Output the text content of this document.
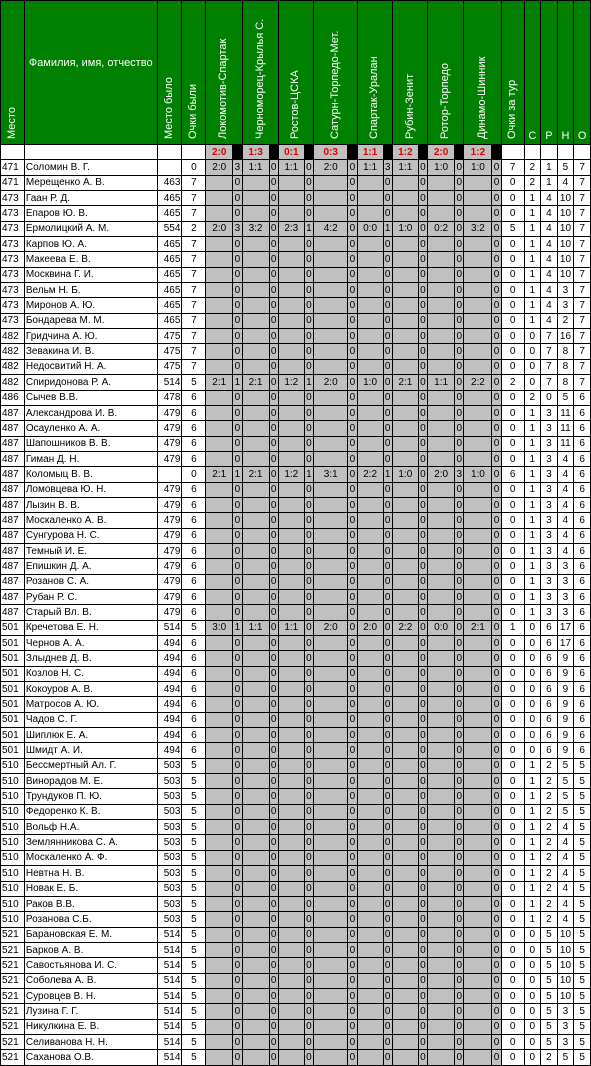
Место	Фамилия, имя, отчество	Место было	Очки были	Локомотив-Спартак		Черноморец-Крылья С.		Ростов-ЦСКА		Сатурн-Торпедо-Мет.		Спартак-Уралан		Рубин-Зенит		Ротор-Торпедо		Динамо-Шинник		Очки за тур	С	Р	Н	О

				2:0		1:3		0:1		0:3		1:1		1:2		2:0		1:2						
471	Соломин В. Г.		0	2:0	3	1:1	0	1:1	0	2:0	0	1:1	3	1:1	0	1:0	0	1:0	0	7	2	1	5	7
471	Мерещенко А. В.	463	7		0		0		0		0		0		0		0		0	0	2	1	4	7
473	Гаан Р. Д.	465	7		0		0		0		0		0		0		0		0	0	1	4	10	7
473	Епаров Ю. В.	465	7		0		0		0		0		0		0		0		0	0	1	4	10	7
473	Ермолицкий А. М.	554	2	2:0	3	3:2	0	2:3	1	4:2	0	0:0	1	1:0	0	0:2	0	3:2	0	5	1	4	10	7
473	Карпов Ю. А.	465	7		0		0		0		0		0		0		0		0	0	1	4	10	7
473	Макеева Е. В.	465	7		0		0		0		0		0		0		0		0	0	1	4	10	7
473	Москвина Г. И.	465	7		0		0		0		0		0		0		0		0	0	1	4	10	7
473	Вельм Н. Б.	465	7		0		0		0		0		0		0		0		0	0	1	4	3	7
473	Миронов А. Ю.	465	7		0		0		0		0		0		0		0		0	0	1	4	3	7
473	Бондарева М. М.	465	7		0		0		0		0		0		0		0		0	0	1	4	2	7
482	Гридчина А. Ю.	475	7		0		0		0		0		0		0		0		0	0	0	7	16	7
482	Зевакина И. В.	475	7		0		0		0		0		0		0		0		0	0	0	7	8	7
482	Недосвитий Н. А.	475	7		0		0		0		0		0		0		0		0	0	0	7	8	7
482	Спиридонова Р. А.	514	5	2:1	1	2:1	0	1:2	1	2:0	0	1:0	0	2:1	0	1:1	0	2:2	0	2	0	7	8	7
486	Сычев В.В.	478	6		0		0		0		0		0		0		0		0	0	2	0	5	6
487	Александрова И. В.	479	6		0		0		0		0		0		0		0		0	0	1	3	11	6
487	Осауленко А. А.	479	6		0		0		0		0		0		0		0		0	0	1	3	11	6
487	Шапошников В. В.	479	6		0		0		0		0		0		0		0		0	0	1	3	11	6
487	Гиман Д. Н.	479	6		0		0		0		0		0		0		0		0	0	1	3	4	6
487	Коломыц В. В.		0	2:1	1	2:1	0	1:2	1	3:1	0	2:2	1	1:0	0	2:0	3	1:0	0	6	1	3	4	6
487	Ломовцева Ю. Н.	479	6		0		0		0		0		0		0		0		0	0	1	3	4	6
487	Лызин В. В.	479	6		0		0		0		0		0		0		0		0	0	1	3	4	6
487	Москаленко А. В.	479	6		0		0		0		0		0		0		0		0	0	1	3	4	6
487	Сунгурова Н. С.	479	6		0		0		0		0		0		0		0		0	0	1	3	4	6
487	Темный И. Е.	479	6		0		0		0		0		0		0		0		0	0	1	3	4	6
487	Епишкин Д. А.	479	6		0		0		0		0		0		0		0		0	0	1	3	3	6
487	Розанов С. А.	479	6		0		0		0		0		0		0		0		0	0	1	3	3	6
487	Рубан Р. С.	479	6		0		0		0		0		0		0		0		0	0	1	3	3	6
487	Старый Вл. В.	479	6		0		0		0		0		0		0		0		0	0	1	3	3	6
501	Кречетова Е. Н.	514	5	3:0	1	1:1	0	1:1	0	2:0	0	2:0	0	2:2	0	0:0	0	2:1	0	1	0	6	17	6
501	Чернов А. А.	494	6		0		0		0		0		0		0		0		0	0	0	6	17	6
501	Злыднев Д. В.	494	6		0		0		0		0		0		0		0		0	0	0	6	9	6
501	Козлов Н. С.	494	6		0		0		0		0		0		0		0		0	0	0	6	9	6
501	Кокоуров А. В.	494	6		0		0		0		0		0		0		0		0	0	0	6	9	6
501	Матросов А. Ю.	494	6		0		0		0		0		0		0		0		0	0	0	6	9	6
501	Чадов С. Г.	494	6		0		0		0		0		0		0		0		0	0	0	6	9	6
501	Шиплюк Е. А.	494	6		0		0		0		0		0		0		0		0	0	0	6	9	6
501	Шмидт А. И.	494	6		0		0		0		0		0		0		0		0	0	0	6	9	6
510	Бессмертный Ал. Г.	503	5		0		0		0		0		0		0		0		0	0	1	2	5	5
510	Винорадов М. Е.	503	5		0		0		0		0		0		0		0		0	0	1	2	5	5
510	Трундуков П. Ю.	503	5		0		0		0		0		0		0		0		0	0	1	2	5	5
510	Федоренко К. В.	503	5		0		0		0		0		0		0		0		0	0	1	2	5	5
510	Вольф Н.А.	503	5		0		0		0		0		0		0		0		0	0	1	2	4	5
510	Землянникова С. А.	503	5		0		0		0		0		0		0		0		0	0	1	2	4	5
510	Москаленко А. Ф.	503	5		0		0		0		0		0		0		0		0	0	1	2	4	5
510	Невтна Н. В.	503	5		0		0		0		0		0		0		0		0	0	1	2	4	5
510	Новак Е. Б.	503	5		0		0		0		0		0		0		0		0	0	1	2	4	5
510	Раков В.В.	503	5		0		0		0		0		0		0		0		0	0	1	2	4	5
510	Розанова С.Б.	503	5		0		0		0		0		0		0		0		0	0	1	2	4	5
521	Барановская Е. М.	514	5		0		0		0		0		0		0		0		0	0	0	5	10	5
521	Барков А. В.	514	5		0		0		0		0		0		0		0		0	0	0	5	10	5
521	Савостьянова И. С.	514	5		0		0		0		0		0		0		0		0	0	0	5	10	5
521	Соболева А. В.	514	5		0		0		0		0		0		0		0		0	0	0	5	10	5
521	Суровцев В. Н.	514	5		0		0		0		0		0		0		0		0	0	0	5	10	5
521	Лузина Г. Г.	514	5		0		0		0		0		0		0		0		0	0	0	5	3	5
521	Никулкина Е. В.	514	5		0		0		0		0		0		0		0		0	0	0	5	3	5
521	Селиванова Н. Н.	514	5		0		0		0		0		0		0		0		0	0	0	5	3	5
521	Саханова О.В.	514	5		0		0		0		0		0		0		0		0	0	0	2	5	5
